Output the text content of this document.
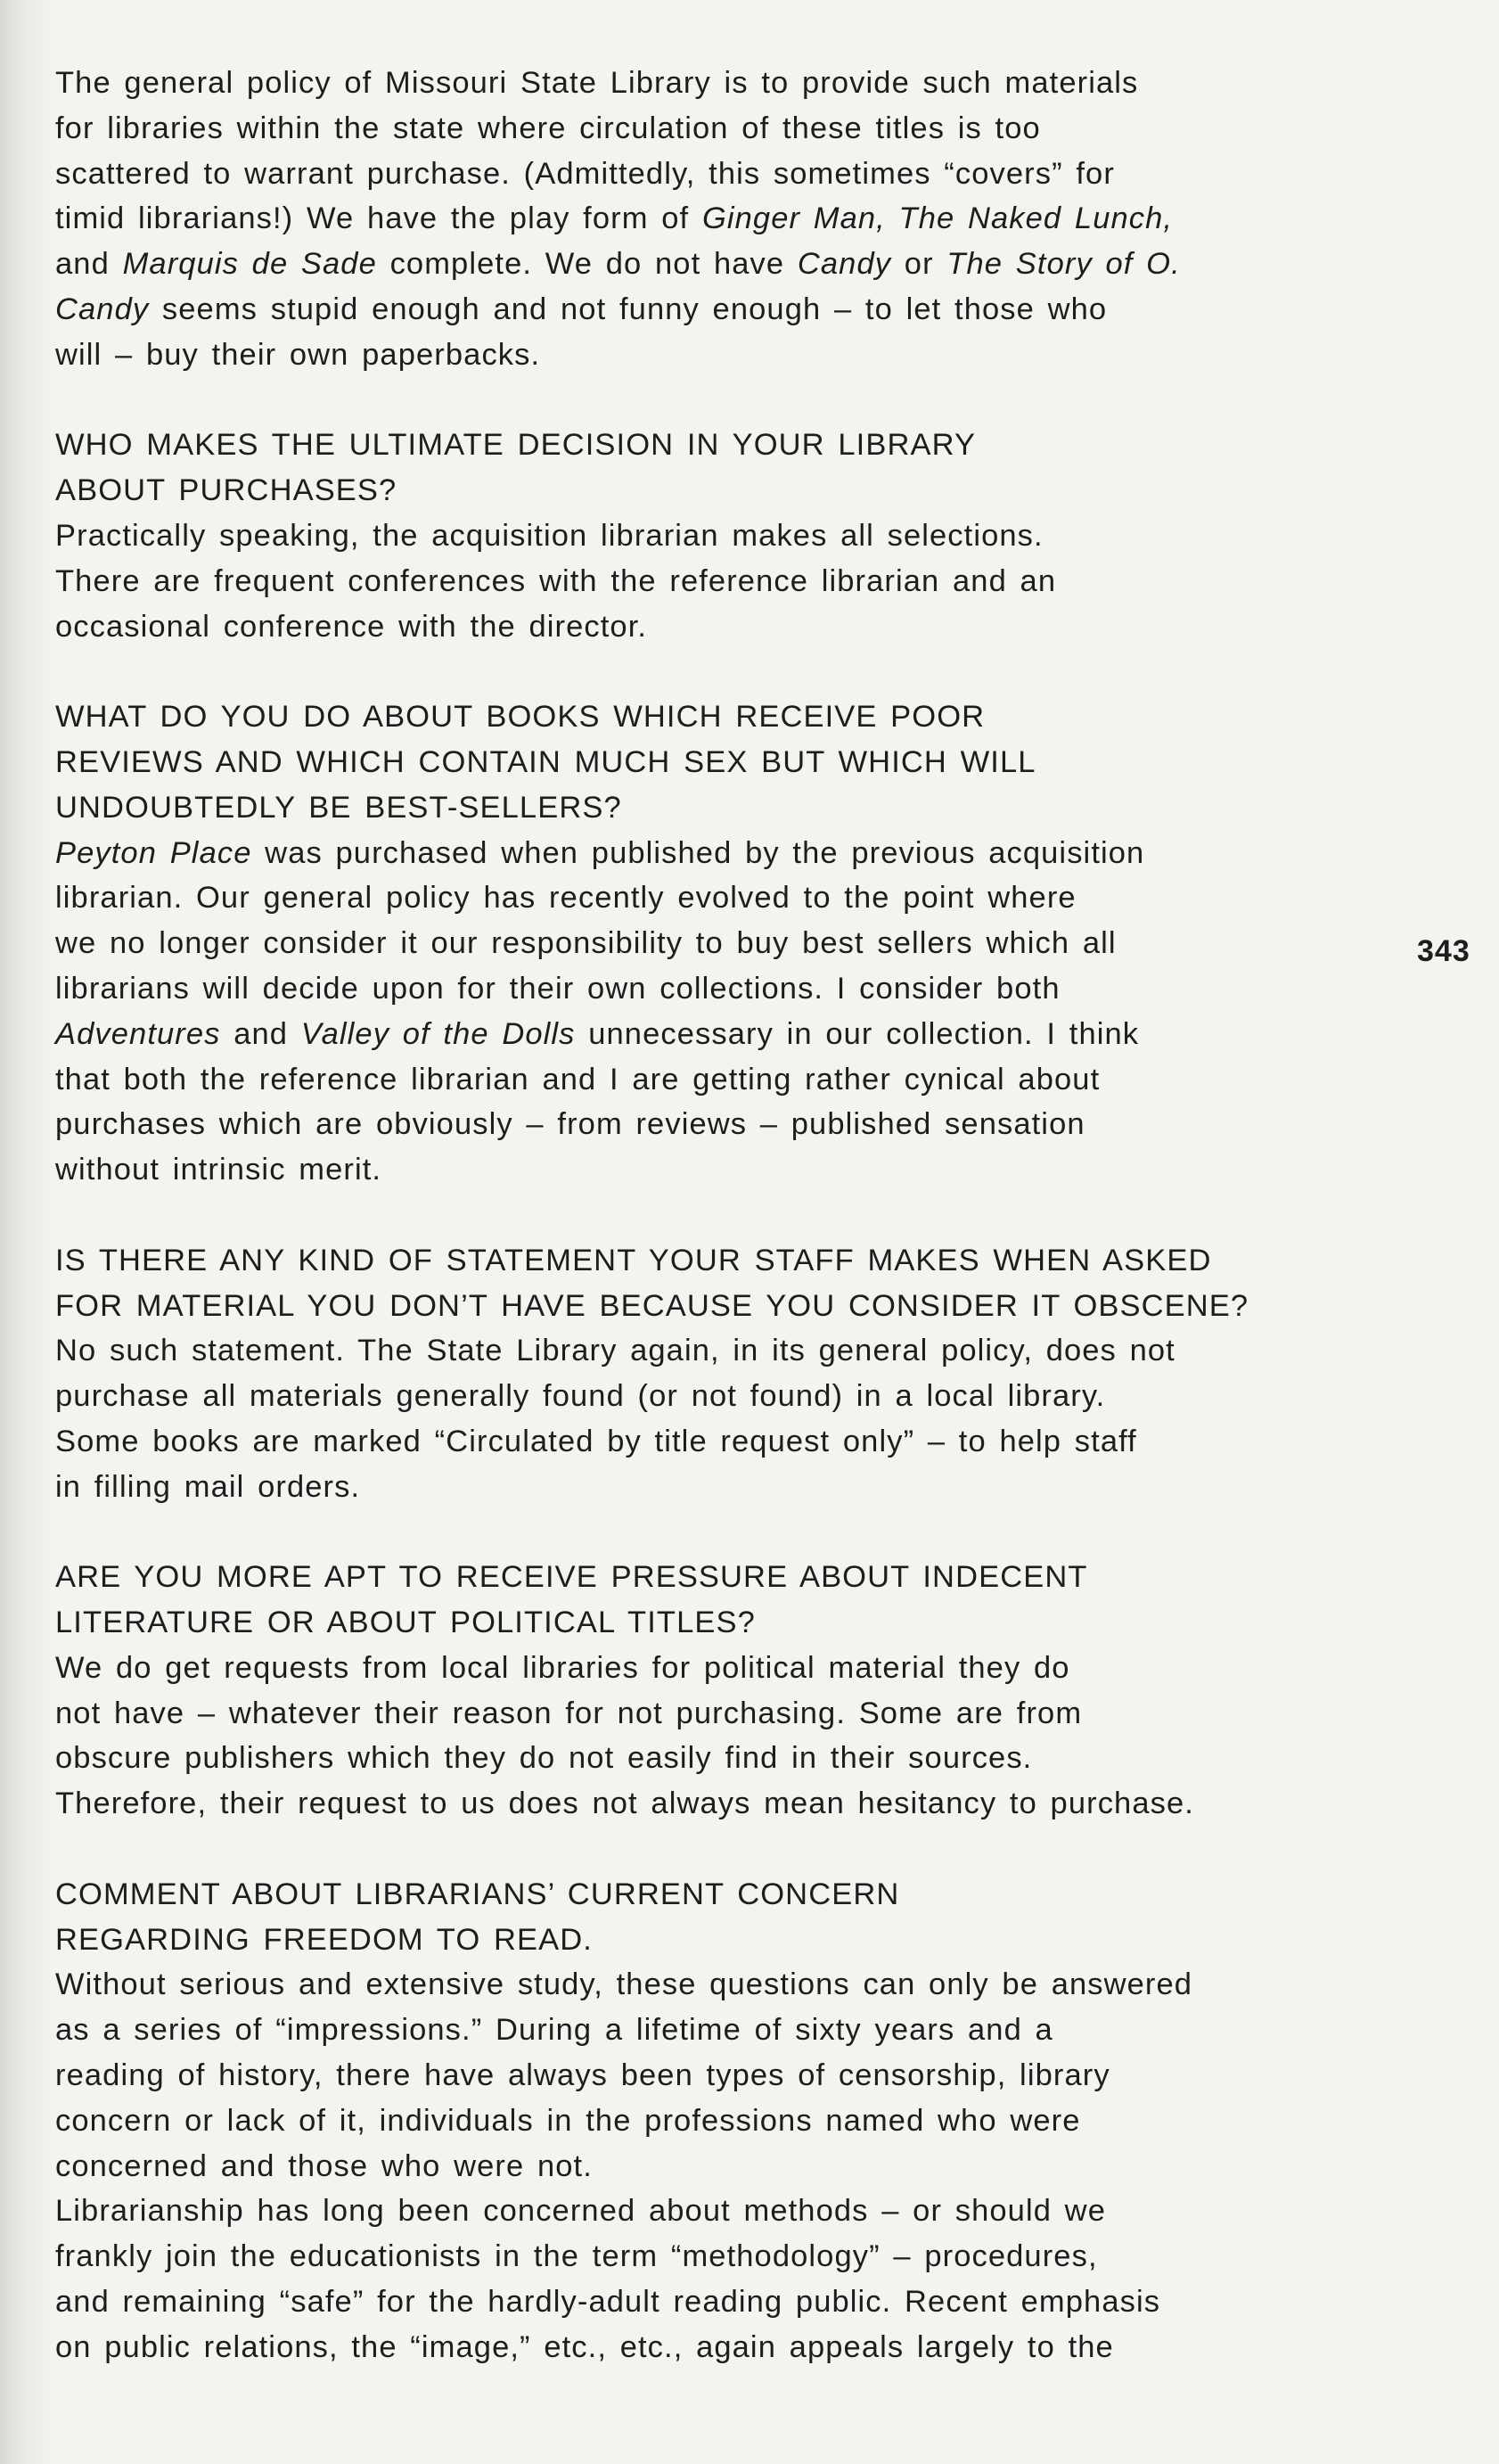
The general policy of Missouri State Library is to provide such materials
for libraries within the state where circulation of these titles is too
scattered to warrant purchase. (Admittedly, this sometimes “covers” for
timid librarians!) We have the play form of Ginger Man, The Naked Lunch,
and Marquis de Sade complete. We do not have Candy or The Story of O.
Candy seems stupid enough and not funny enough – to let those who
will – buy their own paperbacks.
WHO MAKES THE ULTIMATE DECISION IN YOUR LIBRARY
ABOUT PURCHASES?
Practically speaking, the acquisition librarian makes all selections.
There are frequent conferences with the reference librarian and an
occasional conference with the director.
WHAT DO YOU DO ABOUT BOOKS WHICH RECEIVE POOR
REVIEWS AND WHICH CONTAIN MUCH SEX BUT WHICH WILL
UNDOUBTEDLY BE BEST-SELLERS?
Peyton Place was purchased when published by the previous acquisition
librarian. Our general policy has recently evolved to the point where
we no longer consider it our responsibility to buy best sellers which all
librarians will decide upon for their own collections. I consider both
Adventures and Valley of the Dolls unnecessary in our collection. I think
that both the reference librarian and I are getting rather cynical about
purchases which are obviously – from reviews – published sensation
without intrinsic merit.
IS THERE ANY KIND OF STATEMENT YOUR STAFF MAKES WHEN ASKED
FOR MATERIAL YOU DON’T HAVE BECAUSE YOU CONSIDER IT OBSCENE?
No such statement. The State Library again, in its general policy, does not
purchase all materials generally found (or not found) in a local library.
Some books are marked “Circulated by title request only” – to help staff
in filling mail orders.
ARE YOU MORE APT TO RECEIVE PRESSURE ABOUT INDECENT
LITERATURE OR ABOUT POLITICAL TITLES?
We do get requests from local libraries for political material they do
not have – whatever their reason for not purchasing. Some are from
obscure publishers which they do not easily find in their sources.
Therefore, their request to us does not always mean hesitancy to purchase.
COMMENT ABOUT LIBRARIANS’ CURRENT CONCERN
REGARDING FREEDOM TO READ.
Without serious and extensive study, these questions can only be answered
as a series of “impressions.” During a lifetime of sixty years and a
reading of history, there have always been types of censorship, library
concern or lack of it, individuals in the professions named who were
concerned and those who were not.
Librarianship has long been concerned about methods – or should we
frankly join the educationists in the term “methodology” – procedures,
and remaining “safe” for the hardly-adult reading public. Recent emphasis
on public relations, the “image,” etc., etc., again appeals largely to the
343
